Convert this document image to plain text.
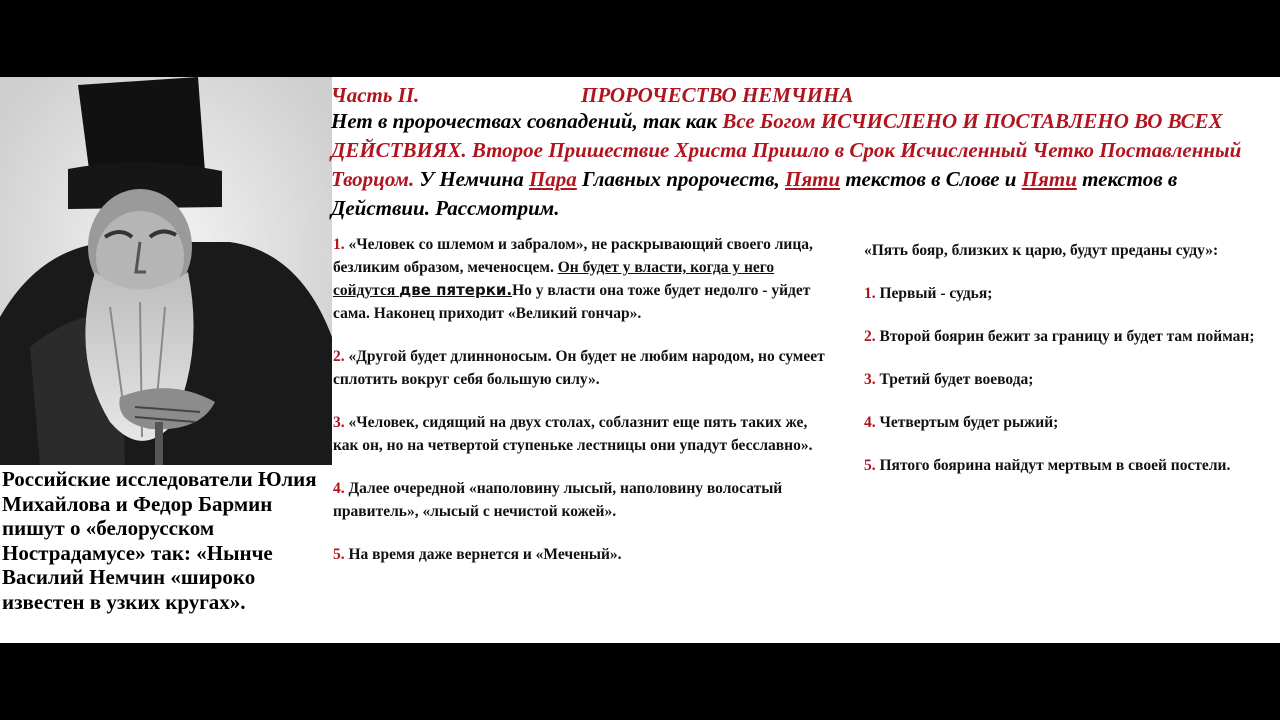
Российские исследователи Юлия Михайлова и Федор Бармин пишут о «белорусском Нострадамусе» так: «Нынче Василий Немчин «широко известен в узких кругах».
Часть II.	ПРОРОЧЕСТВО НЕМЧИНА
Нет в пророчествах совпадений, так как Все Богом ИСЧИСЛЕНО И ПОСТАВЛЕНО ВО ВСЕХ ДЕЙСТВИЯХ. Второе Пришествие Христа Пришло в Срок Исчисленный Четко Поставленный Творцом. У Немчина Пара Главных пророчеств, Пяти текстов в Слове и Пяти текстов в Действии. Рассмотрим.

1. «Человек со шлемом и забралом», не раскрывающий своего лица, безликим образом, меченосцем. Он будет у власти, когда у него сойдутся две пятерки.Но у власти она тоже будет недолго - уйдет сама. Наконец приходит «Великий гончар».

2. «Другой будет длинноносым. Он будет не любим народом, но сумеет сплотить вокруг себя большую силу».

3. «Человек, сидящий на двух столах, соблазнит еще пять таких же, как он, но на четвертой ступеньке лестницы они упадут бесславно».

4. Далее очередной «наполовину лысый, наполовину волосатый правитель», «лысый с нечистой кожей».

5. На время даже вернется и «Меченый».

«Пять бояр, близких к царю, будут преданы суду»:

1. Первый - судья;

2. Второй боярин бежит за границу и будет там пойман;

3. Третий будет воевода;

4. Четвертым будет рыжий;

5. Пятого боярина найдут мертвым в своей постели.
